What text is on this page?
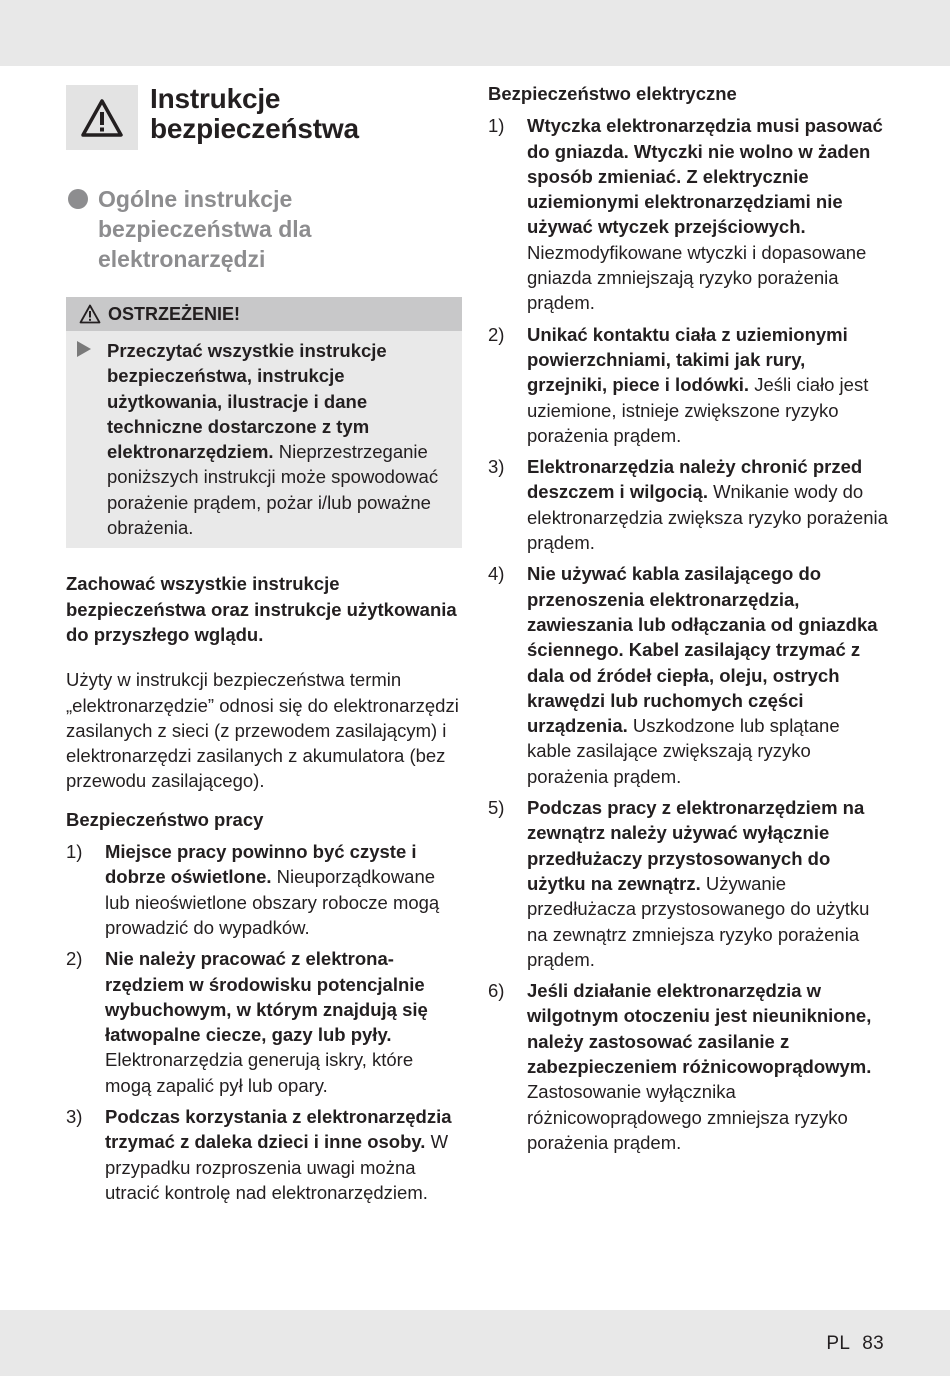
Instrukcje bezpieczeństwa
Ogólne instrukcje bezpieczeństwa dla elektronarzędzi
OSTRZEŻENIE!
Przeczytać wszystkie instrukcje bezpieczeństwa, instrukcje użytkowania, ilustracje i dane techniczne dostarczone z tym elektronarzędziem. Nieprzestrzeganie poniższych instrukcji może spowodować porażenie prądem, pożar i/lub poważne obrażenia.
Zachować wszystkie instrukcje bezpieczeństwa oraz instrukcje użytkowania do przyszłego wglądu.
Użyty w instrukcji bezpieczeństwa termin „elektronarzędzie” odnosi się do elektronarzędzi zasilanych z sieci (z przewodem zasilającym) i elektronarzędzi zasilanych z akumulatora (bez przewodu zasilającego).
Bezpieczeństwo pracy
1)	Miejsce pracy powinno być czyste i dobrze oświetlone. Nieuporządkowane lub nieoświetlone obszary robocze mogą prowadzić do wypadków.
2)	Nie należy pracować z elektronarzędziem w środowisku potencjalnie wybuchowym, w którym znajdują się łatwopalne ciecze, gazy lub pyły. Elektronarzędzia generują iskry, które mogą zapalić pył lub opary.
3)	Podczas korzystania z elektronarzędzia trzymać z daleka dzieci i inne osoby. W przypadku rozproszenia uwagi można utracić kontrolę nad elektronarzędziem.
Bezpieczeństwo elektryczne
1)	Wtyczka elektronarzędzia musi pasować do gniazda. Wtyczki nie wolno w żaden sposób zmieniać. Z elektrycznie uziemionymi elektronarzędziami nie używać wtyczek przejściowych. Niezmodyfikowane wtyczki i dopasowane gniazda zmniejszają ryzyko porażenia prądem.
2)	Unikać kontaktu ciała z uziemionymi powierzchniami, takimi jak rury, grzejniki, piece i lodówki. Jeśli ciało jest uziemione, istnieje zwiększone ryzyko porażenia prądem.
3)	Elektronarzędzia należy chronić przed deszczem i wilgocią. Wnikanie wody do elektronarzędzia zwiększa ryzyko porażenia prądem.
4)	Nie używać kabla zasilającego do przenoszenia elektronarzędzia, zawieszania lub odłączania od gniazdka ściennego. Kabel zasilający trzymać z dala od źródeł ciepła, oleju, ostrych krawędzi lub ruchomych części urządzenia. Uszkodzone lub splątane kable zasilające zwiększają ryzyko porażenia prądem.
5)	Podczas pracy z elektronarzędziem na zewnątrz należy używać wyłącznie przedłużaczy przystosowanych do użytku na zewnątrz. Używanie przedłużacza przystosowanego do użytku na zewnątrz zmniejsza ryzyko porażenia prądem.
6)	Jeśli działanie elektronarzędzia w wilgotnym otoczeniu jest nieuniknione, należy zastosować zasilanie z zabezpieczeniem różnicowoprądowym. Zastosowanie wyłącznika różnicowoprądowego zmniejsza ryzyko porażenia prądem.
PL 83
